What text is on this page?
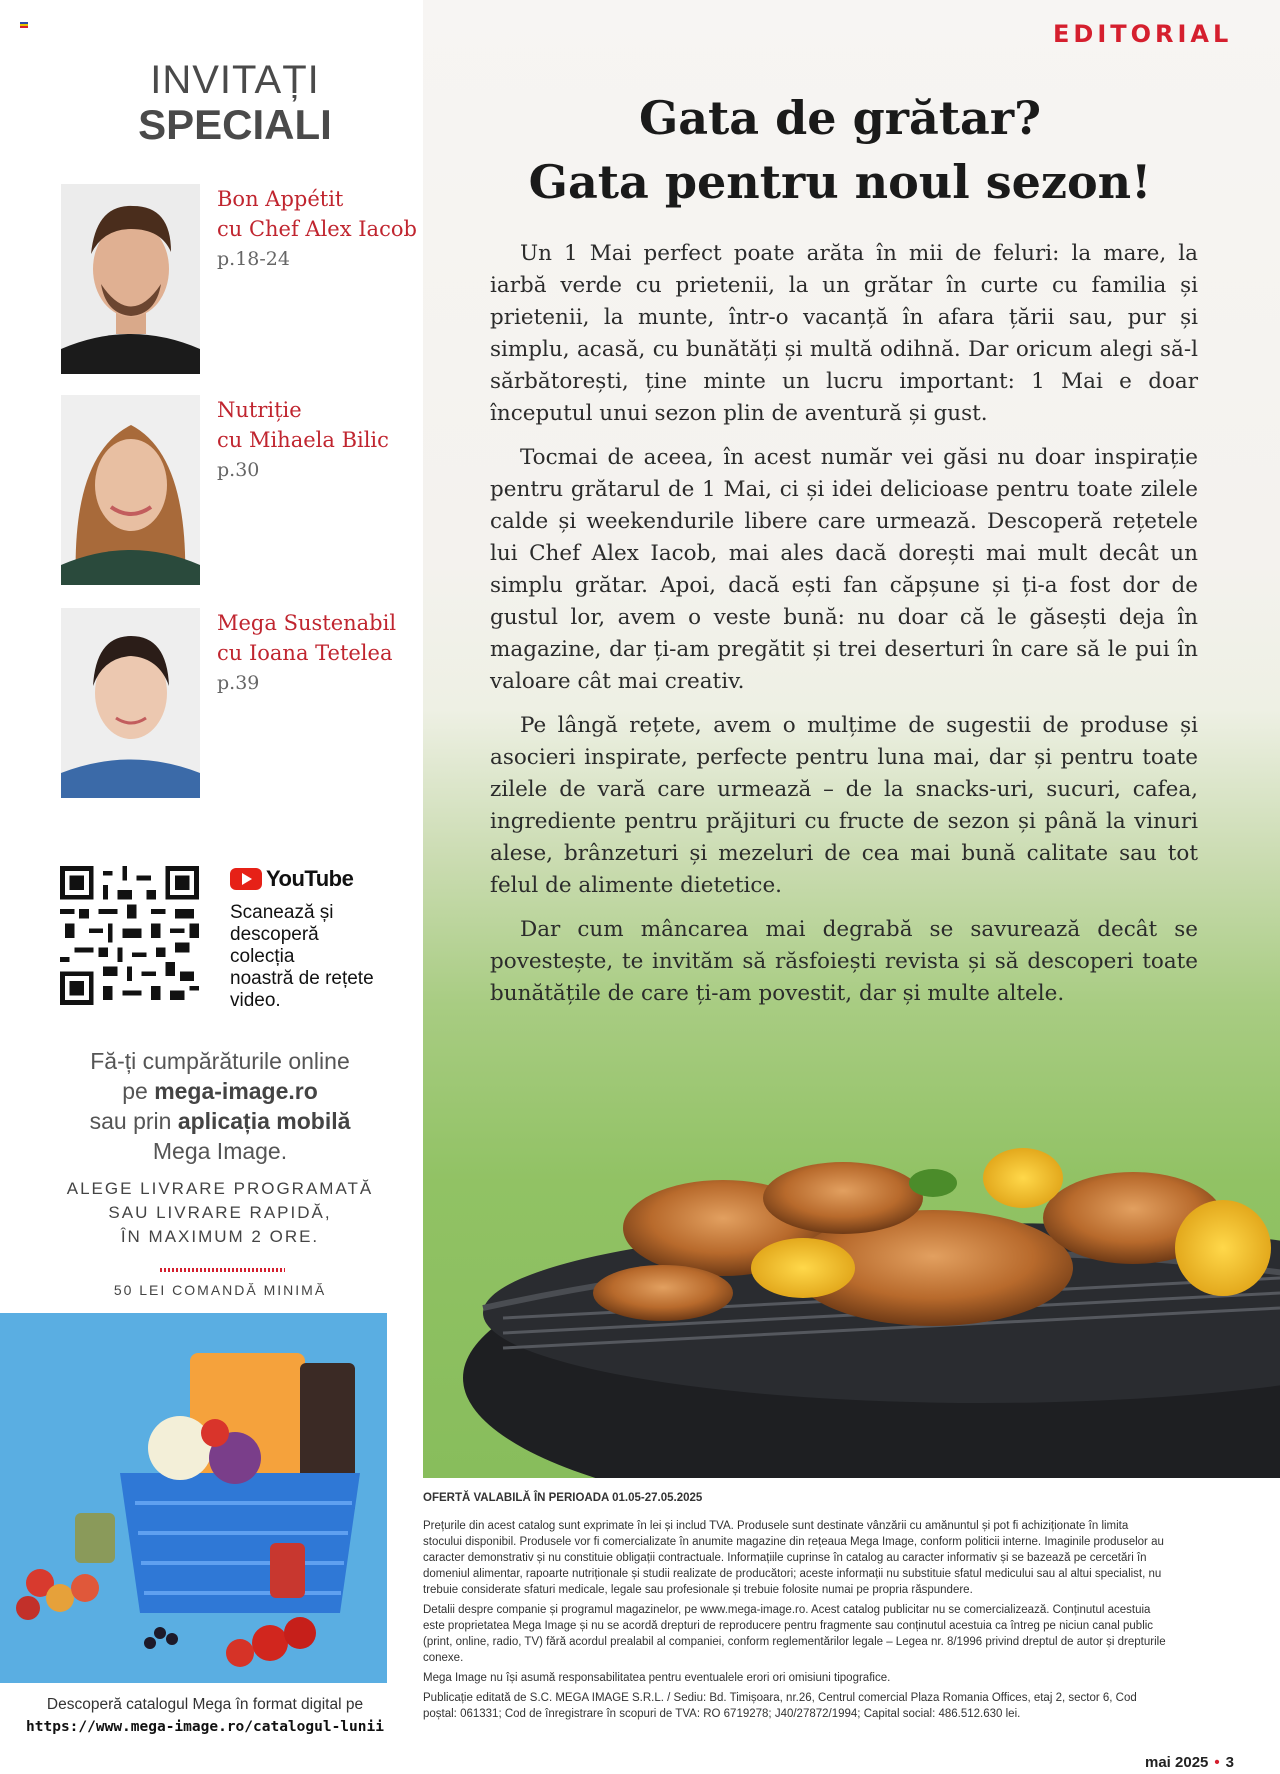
EDITORIAL
Gata de grătar?
Gata pentru noul sezon!

Un 1 Mai perfect poate arăta în mii de feluri: la mare, la iarbă verde cu prietenii, la un grătar în curte cu familia și prietenii, la munte, într-o vacanță în afara țării sau, pur și simplu, acasă, cu bunătăți și multă odihnă. Dar oricum alegi să-l sărbătorești, ține minte un lucru important: 1 Mai e doar începutul unui sezon plin de aventură și gust.

Tocmai de aceea, în acest număr vei găsi nu doar inspirație pentru grătarul de 1 Mai, ci și idei delicioase pentru toate zilele calde și weekendurile libere care urmează. Descoperă rețetele lui Chef Alex Iacob, mai ales dacă dorești mai mult decât un simplu grătar. Apoi, dacă ești fan căpșune și ți-a fost dor de gustul lor, avem o veste bună: nu doar că le găsești deja în magazine, dar ți-am pregătit și trei deserturi în care să le pui în valoare cât mai creativ.

Pe lângă rețete, avem o mulțime de sugestii de produse și asocieri inspirate, perfecte pentru luna mai, dar și pentru toate zilele de vară care urmează – de la snacks-uri, sucuri, cafea, ingrediente pentru prăjituri cu fructe de sezon și până la vinuri alese, brânzeturi și mezeluri de cea mai bună calitate sau tot felul de alimente dietetice.

Dar cum mâncarea mai degrabă se savurează decât se povestește, te invităm să răsfoiești revista și să descoperi toate bunătățile de care ți-am povestit, dar și multe altele.

OFERTĂ VALABILĂ ÎN PERIOADA 01.05-27.05.2025

Prețurile din acest catalog sunt exprimate în lei și includ TVA. Produsele sunt destinate vânzării cu amănuntul și pot fi achiziționate în limita stocului disponibil. Produsele vor fi comercializate în anumite magazine din rețeaua Mega Image, conform politicii interne. Imaginile produselor au caracter demonstrativ și nu constituie obligații contractuale. Informațiile cuprinse în catalog au caracter informativ și se bazează pe cercetări în domeniul alimentar, rapoarte nutriționale și studii realizate de producători; aceste informații nu substituie sfatul medicului sau al altui specialist, nu trebuie considerate sfaturi medicale, legale sau profesionale și trebuie folosite numai pe propria răspundere.

Detalii despre companie și programul magazinelor, pe www.mega-image.ro. Acest catalog publicitar nu se comercializează. Conținutul acestuia este proprietatea Mega Image și nu se acordă drepturi de reproducere pentru fragmente sau conținutul acestuia ca întreg pe niciun canal public (print, online, radio, TV) fără acordul prealabil al companiei, conform reglementărilor legale – Legea nr. 8/1996 privind dreptul de autor și drepturile conexe.

Mega Image nu își asumă responsabilitatea pentru eventualele erori ori omisiuni tipografice.

Publicație editată de S.C. MEGA IMAGE S.R.L. / Sediu: Bd. Timișoara, nr.26, Centrul comercial Plaza Romania Offices, etaj 2, sector 6, Cod poștal: 061331; Cod de înregistrare în scopuri de TVA: RO 6719278; J40/27872/1994; Capital social: 486.512.630 lei.

mai 2025 • 3
INVITAȚI
SPECIALI
Bon Appétit
cu Chef Alex Iacob
p.18-24
Nutriție
cu Mihaela Bilic
p.30
Mega Sustenabil
cu Ioana Tetelea
p.39
YouTube
Scanează și
descoperă
colecția
noastră de rețete
video.
Fă-ți cumpărăturile online
pe mega-image.ro
sau prin aplicația mobilă
Mega Image.
ALEGE LIVRARE PROGRAMATĂ
SAU LIVRARE RAPIDĂ,
ÎN MAXIMUM 2 ORE.
50 LEI COMANDĂ MINIMĂ
Descoperă catalogul Mega în format digital pe
https://www.mega-image.ro/catalogul-lunii
